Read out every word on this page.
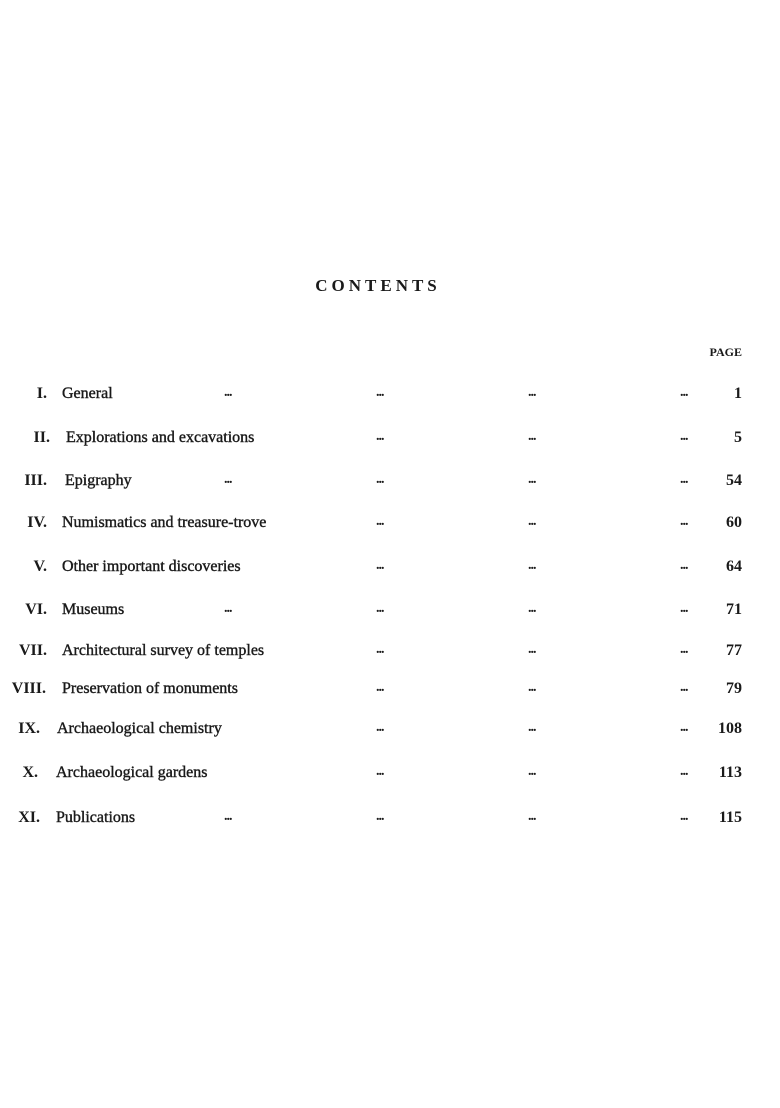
CONTENTS
PAGE
I. General	...	...	...	...	1
II. Explorations and excavations	...	...	...	5
III. Epigraphy	...	...	...	... 54
IV. Numismatics and treasure-trove	...	...	... 60
V. Other important discoveries	...	...	... 64
VI. Museums	...	...	...	... 71
VII. Architectural survey of temples	...	...	... 77
VIII. Preservation of monuments	...	...	... 79
IX. Archaeological chemistry	...	...	... 108
X. Archaeological gardens	...	...	... 113
XI. Publications	...	...	...	... 115
